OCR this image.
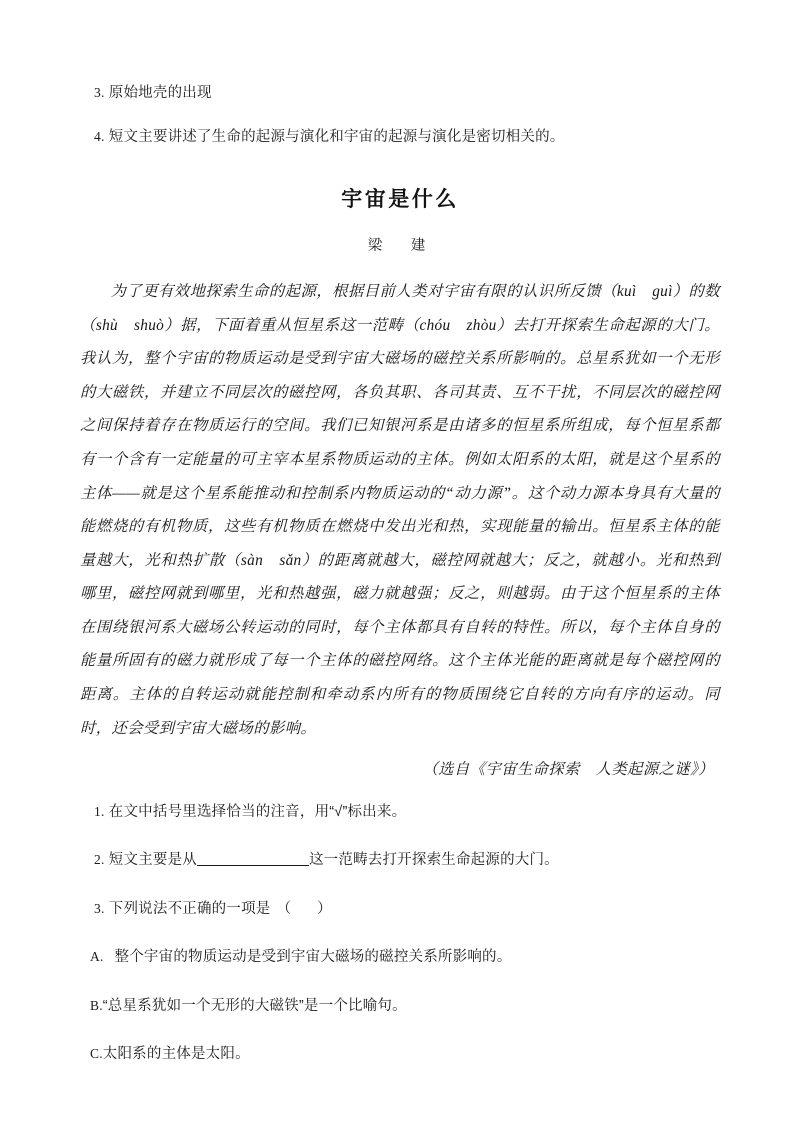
3. 原始地壳的出现
4. 短文主要讲述了生命的起源与演化和宇宙的起源与演化是密切相关的。
宇宙是什么
梁　建
为了更有效地探索生命的起源，根据目前人类对宇宙有限的认识所反馈（kuì　guì）的数（shù　shuò）据，下面着重从恒星系这一范畴（chóu　zhòu）去打开探索生命起源的大门。我认为，整个宇宙的物质运动是受到宇宙大磁场的磁控关系所影响的。总星系犹如一个无形的大磁铁，并建立不同层次的磁控网，各负其职、各司其责、互不干扰，不同层次的磁控网之间保持着存在物质运行的空间。我们已知银河系是由诸多的恒星系所组成，每个恒星系都有一个含有一定能量的可主宰本星系物质运动的主体。例如太阳系的太阳，就是这个星系的主体——就是这个星系能推动和控制系内物质运动的“动力源”。这个动力源本身具有大量的能燃烧的有机物质，这些有机物质在燃烧中发出光和热，实现能量的输出。恒星系主体的能量越大，光和热扩散（sàn　sǎn）的距离就越大，磁控网就越大；反之，就越小。光和热到哪里，磁控网就到哪里，光和热越强，磁力就越强；反之，则越弱。由于这个恒星系的主体在围绕银河系大磁场公转运动的同时，每个主体都具有自转的特性。所以，每个主体自身的能量所固有的磁力就形成了每一个主体的磁控网络。这个主体光能的距离就是每个磁控网的距离。主体的自转运动就能控制和牵动系内所有的物质围绕它自转的方向有序的运动。同时，还会受到宇宙大磁场的影响。
（选自《宇宙生命探索　人类起源之谜》）
1. 在文中括号里选择恰当的注音，用“√”标出来。
2. 短文主要是从	这一范畴去打开探索生命起源的大门。
3. 下列说法不正确的一项是 （ ）
A. 整个宇宙的物质运动是受到宇宙大磁场的磁控关系所影响的。
B.“总星系犹如一个无形的大磁铁”是一个比喻句。
C.太阳系的主体是太阳。
